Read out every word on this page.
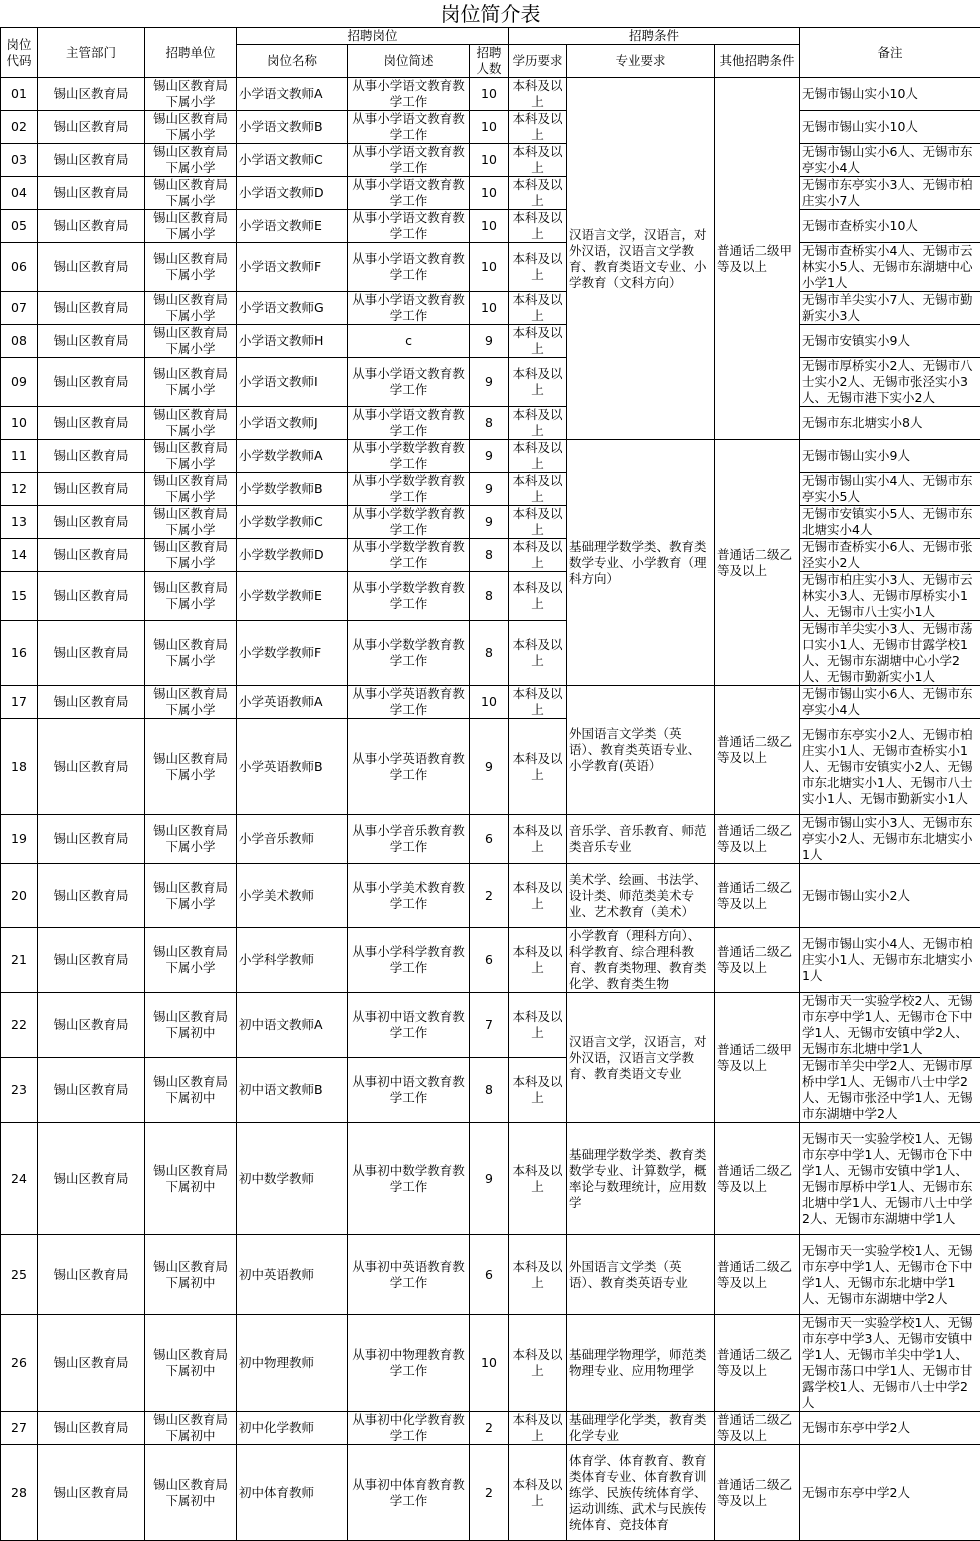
岗位简介表									
岗位代码	主管部门	招聘单位	招聘岗位			招聘条件			备注
			岗位名称	岗位简述	招聘人数	学历要求	专业要求	其他招聘条件	
01	锡山区教育局	锡山区教育局下属小学	小学语文教师A	从事小学语文教育教学工作	10	本科及以上	汉语言文学，汉语言，对外汉语，汉语言文学教育、教育类语文专业、小学教育（文科方向）	普通话二级甲等及以上	无锡市锡山实小10人
02	锡山区教育局	锡山区教育局下属小学	小学语文教师B	从事小学语文教育教学工作	10	本科及以上			无锡市锡山实小10人
03	锡山区教育局	锡山区教育局下属小学	小学语文教师C	从事小学语文教育教学工作	10	本科及以上			无锡市锡山实小6人、无锡市东亭实小4人
04	锡山区教育局	锡山区教育局下属小学	小学语文教师D	从事小学语文教育教学工作	10	本科及以上			无锡市东亭实小3人、无锡市柏庄实小7人
05	锡山区教育局	锡山区教育局下属小学	小学语文教师E	从事小学语文教育教学工作	10	本科及以上			无锡市查桥实小10人
06	锡山区教育局	锡山区教育局下属小学	小学语文教师F	从事小学语文教育教学工作	10	本科及以上			无锡市查桥实小4人、无锡市云林实小5人、无锡市东湖塘中心小学1人
07	锡山区教育局	锡山区教育局下属小学	小学语文教师G	从事小学语文教育教学工作	10	本科及以上			无锡市羊尖实小7人、无锡市勤新实小3人
08	锡山区教育局	锡山区教育局下属小学	小学语文教师H	c	9	本科及以上			无锡市安镇实小9人
09	锡山区教育局	锡山区教育局下属小学	小学语文教师I	从事小学语文教育教学工作	9	本科及以上			无锡市厚桥实小2人、无锡市八士实小2人、无锡市张泾实小3人、无锡市港下实小2人
10	锡山区教育局	锡山区教育局下属小学	小学语文教师J	从事小学语文教育教学工作	8	本科及以上			无锡市东北塘实小8人
11	锡山区教育局	锡山区教育局下属小学	小学数学教师A	从事小学数学教育教学工作	9	本科及以上	基础理学数学类、教育类数学专业、小学教育（理科方向）	普通话二级乙等及以上	无锡市锡山实小9人
12	锡山区教育局	锡山区教育局下属小学	小学数学教师B	从事小学数学教育教学工作	9	本科及以上			无锡市锡山实小4人、无锡市东亭实小5人
13	锡山区教育局	锡山区教育局下属小学	小学数学教师C	从事小学数学教育教学工作	9	本科及以上			无锡市安镇实小5人、无锡市东北塘实小4人
14	锡山区教育局	锡山区教育局下属小学	小学数学教师D	从事小学数学教育教学工作	8	本科及以上			无锡市查桥实小6人、无锡市张泾实小2人
15	锡山区教育局	锡山区教育局下属小学	小学数学教师E	从事小学数学教育教学工作	8	本科及以上			无锡市柏庄实小3人、无锡市云林实小3人、无锡市厚桥实小1人、无锡市八士实小1人
16	锡山区教育局	锡山区教育局下属小学	小学数学教师F	从事小学数学教育教学工作	8	本科及以上			无锡市羊尖实小3人、无锡市荡口实小1人、无锡市甘露学校1人、无锡市东湖塘中心小学2人、无锡市勤新实小1人
17	锡山区教育局	锡山区教育局下属小学	小学英语教师A	从事小学英语教育教学工作	10	本科及以上	外国语言文学类（英语）、教育类英语专业、小学教育(英语）	普通话二级乙等及以上	无锡市锡山实小6人、无锡市东亭实小4人
18	锡山区教育局	锡山区教育局下属小学	小学英语教师B	从事小学英语教育教学工作	9	本科及以上			无锡市东亭实小2人、无锡市柏庄实小1人、无锡市查桥实小1人、无锡市安镇实小2人、无锡市东北塘实小1人、无锡市八士实小1人、无锡市勤新实小1人
19	锡山区教育局	锡山区教育局下属小学	小学音乐教师	从事小学音乐教育教学工作	6	本科及以上	音乐学、音乐教育、师范类音乐专业	普通话二级乙等及以上	无锡市锡山实小3人、无锡市东亭实小2人、无锡市东北塘实小1人
20	锡山区教育局	锡山区教育局下属小学	小学美术教师	从事小学美术教育教学工作	2	本科及以上	美术学、绘画、书法学、设计类、师范类美术专业、艺术教育（美术）	普通话二级乙等及以上	无锡市锡山实小2人
21	锡山区教育局	锡山区教育局下属小学	小学科学教师	从事小学科学教育教学工作	6	本科及以上	小学教育（理科方向）、科学教育、综合理科教育、教育类物理、教育类化学、教育类生物	普通话二级乙等及以上	无锡市锡山实小4人、无锡市柏庄实小1人、无锡市东北塘实小1人
22	锡山区教育局	锡山区教育局下属初中	初中语文教师A	从事初中语文教育教学工作	7	本科及以上	汉语言文学，汉语言，对外汉语，汉语言文学教育、教育类语文专业	普通话二级甲等及以上	无锡市天一实验学校2人、无锡市东亭中学1人、无锡市仓下中学1人、无锡市安镇中学2人、无锡市东北塘中学1人
23	锡山区教育局	锡山区教育局下属初中	初中语文教师B	从事初中语文教育教学工作	8	本科及以上			无锡市羊尖中学2人、无锡市厚桥中学1人、无锡市八士中学2人、无锡市张泾中学1人、无锡市东湖塘中学2人
24	锡山区教育局	锡山区教育局下属初中	初中数学教师	从事初中数学教育教学工作	9	本科及以上	基础理学数学类、教育类数学专业、计算数学，概率论与数理统计，应用数学	普通话二级乙等及以上	无锡市天一实验学校1人、无锡市东亭中学1人、无锡市仓下中学1人、无锡市安镇中学1人、无锡市厚桥中学1人、无锡市东北塘中学1人、无锡市八士中学2人、无锡市东湖塘中学1人
25	锡山区教育局	锡山区教育局下属初中	初中英语教师	从事初中英语教育教学工作	6	本科及以上	外国语言文学类（英语）、教育类英语专业	普通话二级乙等及以上	无锡市天一实验学校1人、无锡市东亭中学1人、无锡市仓下中学1人、无锡市东北塘中学1人、无锡市东湖塘中学2人
26	锡山区教育局	锡山区教育局下属初中	初中物理教师	从事初中物理教育教学工作	10	本科及以上	基础理学物理学，师范类物理专业、应用物理学	普通话二级乙等及以上	无锡市天一实验学校1人、无锡市东亭中学3人、无锡市安镇中学1人、无锡市羊尖中学1人、无锡市荡口中学1人、无锡市甘露学校1人、无锡市八士中学2人
27	锡山区教育局	锡山区教育局下属初中	初中化学教师	从事初中化学教育教学工作	2	本科及以上	基础理学化学类，教育类化学专业	普通话二级乙等及以上	无锡市东亭中学2人
28	锡山区教育局	锡山区教育局下属初中	初中体育教师	从事初中体育教育教学工作	2	本科及以上	体育学、体育教育、教育类体育专业、体育教育训练学、民族传统体育学、运动训练、武术与民族传统体育、竞技体育	普通话二级乙等及以上	无锡市东亭中学2人
